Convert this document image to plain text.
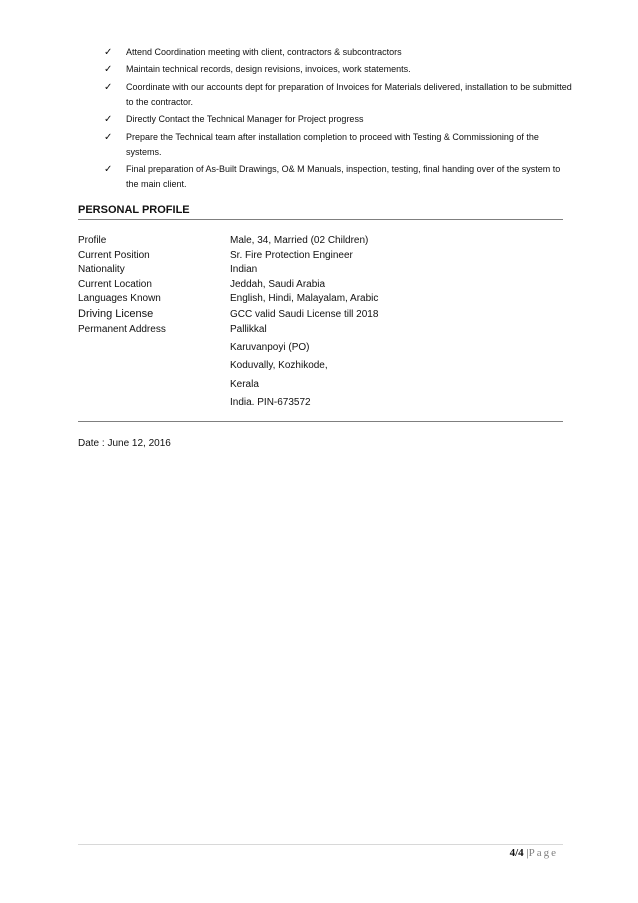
✓ Attend Coordination meeting with client, contractors & subcontractors
✓ Maintain technical records, design revisions, invoices, work statements.
✓ Coordinate with our accounts dept for preparation of Invoices for Materials delivered, installation to be submitted to the contractor.
✓ Directly Contact the Technical Manager for Project progress
✓ Prepare the Technical team after installation completion to proceed with Testing & Commissioning of the systems.
✓ Final preparation of As-Built Drawings, O& M Manuals, inspection, testing, final handing over of the system to the main client.
PERSONAL PROFILE
Profile	Male, 34, Married (02 Children)
Current Position	Sr. Fire Protection Engineer
Nationality	Indian
Current Location	Jeddah, Saudi Arabia
Languages Known	English, Hindi, Malayalam, Arabic
Driving License	GCC valid Saudi License till 2018
Permanent Address	Pallikkal
Karuvanpoyi (PO)
Koduvally, Kozhikode,
Kerala
India. PIN-673572
Date : June 12, 2016
4/4 |Page
